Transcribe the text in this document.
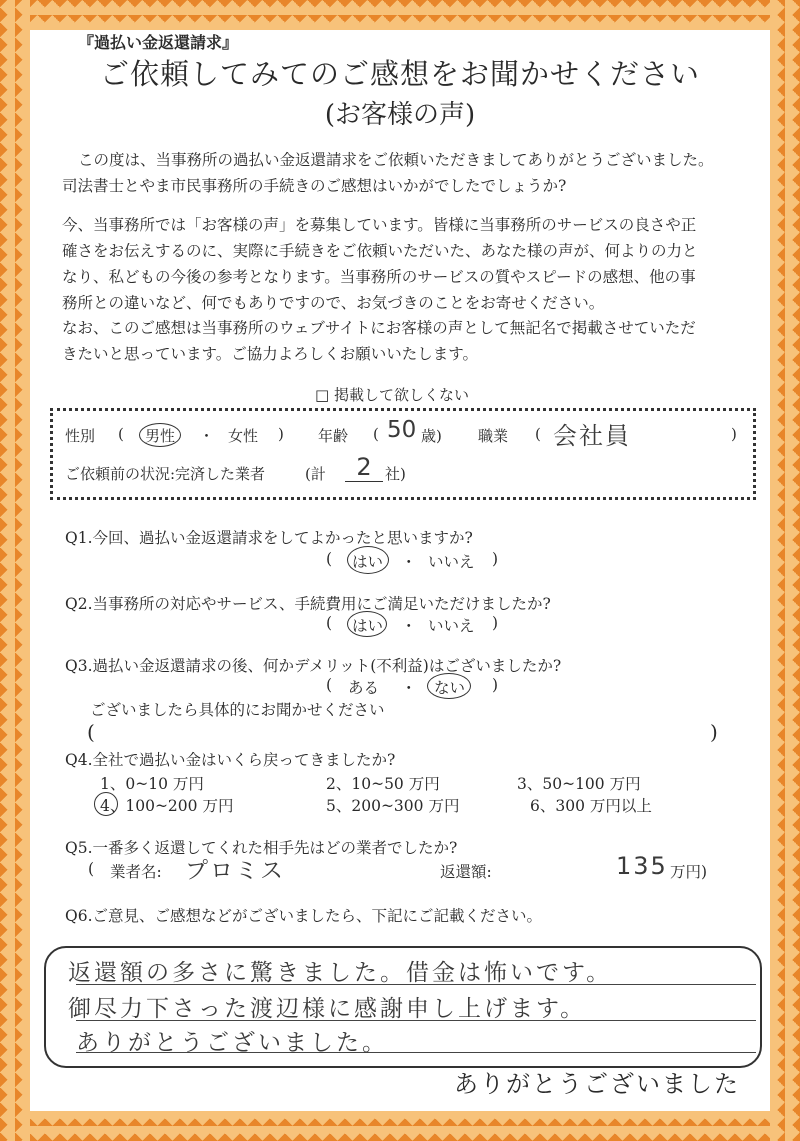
『過払い金返還請求』
ご依頼してみてのご感想をお聞かせください
(お客様の声)
この度は、当事務所の過払い金返還請求をご依頼いただきましてありがとうございました。
司法書士とやま市民事務所の手続きのご感想はいかがでしたでしょうか?
今、当事務所では「お客様の声」を募集しています。皆様に当事務所のサービスの良さや正
確さをお伝えするのに、実際に手続きをご依頼いただいた、あなた様の声が、何よりの力と
なり、私どもの今後の参考となります。当事務所のサービスの質やスピードの感想、他の事
務所との違いなど、何でもありですので、お気づきのことをお寄せください。
なお、このご感想は当事務所のウェブサイトにお客様の声として無記名で掲載させていただ
きたいと思っています。ご協力よろしくお願いいたします。
□ 掲載して欲しくない
性別 ( 男性 ・ 女性 ) 年齢 ( 50 歳) 職業 ( 会社員	)
ご依頼前の状況:完済した業者	(計	2 社)
Q1.今回、過払い金返還請求をしてよかったと思いますか?
( はい ・ いいえ )
Q2.当事務所の対応やサービス、手続費用にご満足いただけましたか?
( はい ・ いいえ )
Q3.過払い金返還請求の後、何かデメリット(不利益)はございましたか?
( ある ・ ない )
ございましたら具体的にお聞かせください
(	)
Q4.全社で過払い金はいくら戻ってきましたか?
1、0~10 万円	2、10~50 万円	3、50~100 万円
4、100~200 万円	5、200~300 万円	6、300 万円以上
Q5.一番多く返還してくれた相手先はどの業者でしたか?
( 業者名: プロミス	返還額:	135 万円)
Q6.ご意見、ご感想などがございましたら、下記にご記載ください。
返還額の多さに驚きました。借金は怖いです。
御尽力下さった渡辺様に感謝申し上げます。
ありがとうございました。
ありがとうございました
